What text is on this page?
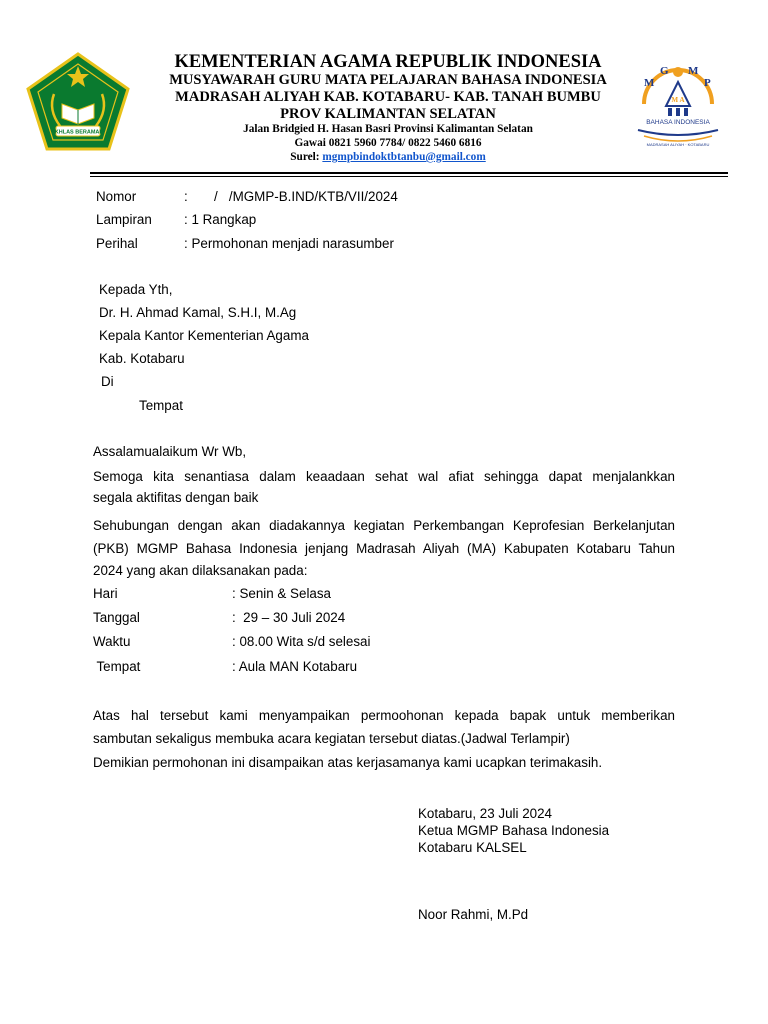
IKHLAS BERAMAL
M
G M
P
M A
BAHASA INDONESIA
MADRASAH ALIYAH · KOTABARU
KEMENTERIAN AGAMA REPUBLIK INDONESIA
MUSYAWARAH GURU MATA PELAJARAN BAHASA INDONESIA
MADRASAH ALIYAH KAB. KOTABARU- KAB. TANAH BUMBU
PROV KALIMANTAN SELATAN
Jalan Bridgied H. Hasan Basri Provinsi Kalimantan Selatan
Gawai 0821 5960 7784/ 0822 5460 6816
Surel: mgmpbindoktbtanbu@gmail.com
Nomor	: /   /MGMP-B.IND/KTB/VII/2024
Lampiran : 1 Rangkap
Perihal	: Permohonan menjadi narasumber
Kepada Yth,
Dr. H. Ahmad Kamal, S.H.I, M.Ag
Kepala Kantor Kementerian Agama
Kab. Kotabaru
Di
Tempat
Assalamualaikum Wr Wb,
Semoga kita senantiasa dalam keaadaan sehat wal afiat sehingga dapat menjalankkan
segala aktifitas dengan baik
Sehubungan dengan akan diadakannya kegiatan Perkembangan Keprofesian Berkelanjutan
(PKB) MGMP Bahasa Indonesia jenjang Madrasah Aliyah (MA) Kabupaten Kotabaru Tahun
2024 yang akan dilaksanakan pada:
Hari	: Senin & Selasa
Tanggal	:  29 – 30 Juli 2024
Waktu	: 08.00 Wita s/d selesai
Tempat	: Aula MAN Kotabaru
Atas hal tersebut kami menyampaikan permoohonan kepada bapak untuk memberikan
sambutan sekaligus membuka acara kegiatan tersebut diatas.(Jadwal Terlampir)
Demikian permohonan ini disampaikan atas kerjasamanya kami ucapkan terimakasih.
Kotabaru, 23 Juli 2024
Ketua MGMP Bahasa Indonesia
Kotabaru KALSEL
Noor Rahmi, M.Pd
